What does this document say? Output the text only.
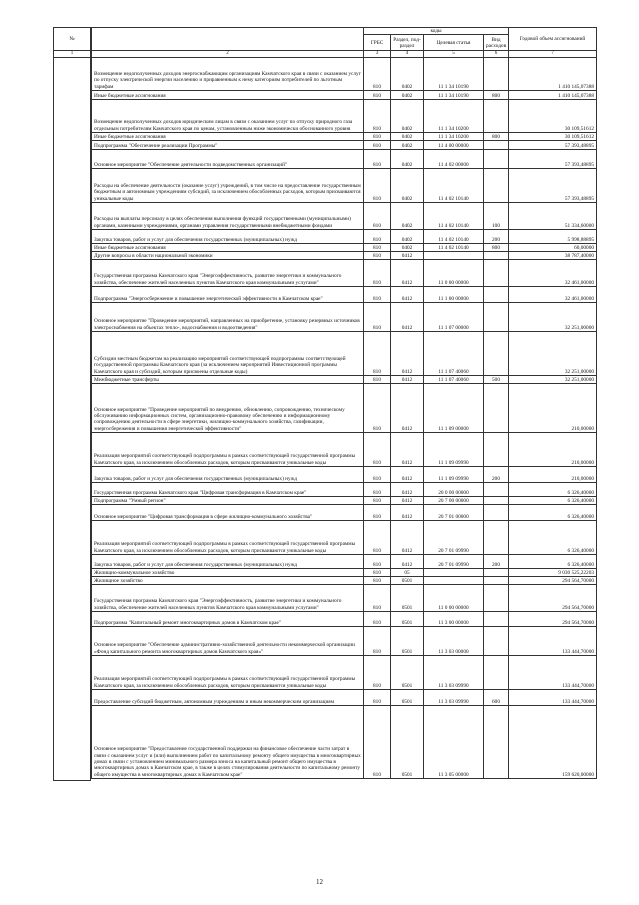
№
1

	коды				Годовой объем ассигнований
	ГРБС	Раздел, под-раздел	Целевая статья	Вид расходов	
2	3	4	5	6	7
Возмещение недополученных доходов энергоснабжающим организациям Камчатского края в связи с оказанием услуг по отпуску электрической энергии населению и приравненным к нему категориям потребителей по льготным тарифам	810	0402	11 1 34 10190		1 410 145,07388
Иные бюджетные ассигнования	810	0402	11 1 34 10190	800	1 410 145,07388
Возмещение недополученных доходов юридическим лицам в связи с оказанием услуг по отпуску природного газа отдельным потребителям Камчатского края по ценам, установленным ниже экономически обоснованного уровня	810	0402	11 1 34 10200		30 109,51612
Иные бюджетные ассигнования	810	0402	11 1 34 10200	800	30 109,51612
Подпрограмма "Обеспечение реализации Программы"	810	0402	11 4 00 00000		57 393,48895
Основное мероприятие "Обеспечение деятельности подведомственных организаций"	810	0402	11 4 02 00000		57 393,48895
Расходы на обеспечение деятельности (оказание услуг) учреждений, в том числе на предоставление государственным бюджетным и автономным учреждениям субсидий, за исключением обособленных расходов, которым присваиваются уникальные коды	810	0402	11 4 02 10140		57 393,48895
Расходы на выплаты персоналу в целях обеспечения выполнения функций государственными (муниципальными) органами, казенными учреждениями, органами управления государственными внебюджетными фондами	810	0402	11 4 02 10140	100	51 334,60000
Закупка товаров, работ и услуг для обеспечения государственных (муниципальных) нужд	810	0402	11 4 02 10140	200	5 998,88895
Иные бюджетные ассигнования	810	0402	11 4 02 10140	800	60,00000
Другие вопросы в области национальной экономики	810	0412			38 787,40000
Государственная программа Камчатского края "Энергоэффективность, развитие энергетики и коммунального хозяйства, обеспечение жителей населенных пунктов Камчатского края коммунальными услугами"	810	0412	11 0 00 00000		32 461,00000
Подпрограмма "Энергосбережение и повышение энергетической эффективности в Камчатском крае"	810	0412	11 1 00 00000		32 461,00000
Основное мероприятие "Проведение мероприятий, направленных на приобретение, установку резервных источников электроснабжения на объектах тепло-, водоснабжения и водоотведения"	810	0412	11 1 07 00000		32 251,00000
Субсидии местным бюджетам на реализацию мероприятий соответствующей подпрограммы соответствующей государственной программы Камчатского края (за исключением мероприятий Инвестиционной программы Камчатского края и субсидий, которым присвоены отдельные коды)	810	0412	11 1 07 40060		32 251,00000
Межбюджетные трансферты	810	0412	11 1 07 40060	500	32 251,00000
Основное мероприятие "Проведение мероприятий по внедрению, обновлению, сопровождению, техническому обслуживанию информационных систем, организационно-правовому обеспечению и информационному сопровождению деятельности в сфере энергетики, жилищно-коммунального хозяйства, газификации, энергосбережения и повышения энергетической эффективности"	810	0412	11 1 09 00000		210,00000
Реализация мероприятий соответствующей подпрограммы в рамках соответствующей государственной программы Камчатского края, за исключением обособленных расходов, которым присваиваются уникальные коды	810	0412	11 1 09 09990		210,00000
Закупка товаров, работ и услуг для обеспечения государственных (муниципальных) нужд	810	0412	11 1 09 09990	200	210,00000
Государственная программа Камчатского края "Цифровая трансформация в Камчатском крае"	810	0412	20 0 00 00000		6 326,40000
Подпрограмма "Умный регион"	810	0412	20 7 00 00000		6 326,40000
Основное мероприятие "Цифровая трансформация в сфере жилищно-коммунального хозяйства"	810	0412	20 7 01 00000		6 326,40000
Реализация мероприятий соответствующей подпрограммы в рамках соответствующей государственной программы Камчатского края, за исключением обособленных расходов, которым присваиваются уникальные коды	810	0412	20 7 01 09990		6 326,40000
Закупка товаров, работ и услуг для обеспечения государственных (муниципальных) нужд	810	0412	20 7 01 09990	200	6 326,40000
Жилищно-коммунальное хозяйство	810	05			9 030 525,22203
Жилищное хозяйство	810	0501			294 564,70000
Государственная программа Камчатского края "Энергоэффективность, развитие энергетики и коммунального хозяйства, обеспечение жителей населенных пунктов Камчатского края коммунальными услугами"	810	0501	11 0 00 00000		294 564,70000
Подпрограмма "Капитальный ремонт многоквартирных домов в Камчатском крае"	810	0501	11 3 00 00000		294 564,70000
Основное мероприятие "Обеспечение административно-хозяйственной деятельности некоммерческой организации «Фонд капитального ремонта многоквартирных домов Камчатского края»"	810	0501	11 3 03 00000		133 444,70000
Реализация мероприятий соответствующей подпрограммы в рамках соответствующей государственной программы Камчатского края, за исключением обособленных расходов, которым присваиваются уникальные коды	810	0501	11 3 03 09990		133 444,70000
Предоставление субсидий бюджетным, автономным учреждениям и иным некоммерческим организациям	810	0501	11 3 03 09990	600	133 444,70000
Основное мероприятие "Предоставление государственной поддержки на финансовое обеспечение части затрат в связи с оказанием услуг и (или) выполнением работ по капитальному ремонту общего имущества в многоквартирных домах в связи с установлением минимального размера взноса на капитальный ремонт общего имущества в многоквартирных домах в Камчатском крае, в также в целях стимулирования деятельности по капитальному ремонту общего имущества в многоквартирных домах в Камчатском крае"	810	0501	11 3 05 00000		159 620,00000
12
